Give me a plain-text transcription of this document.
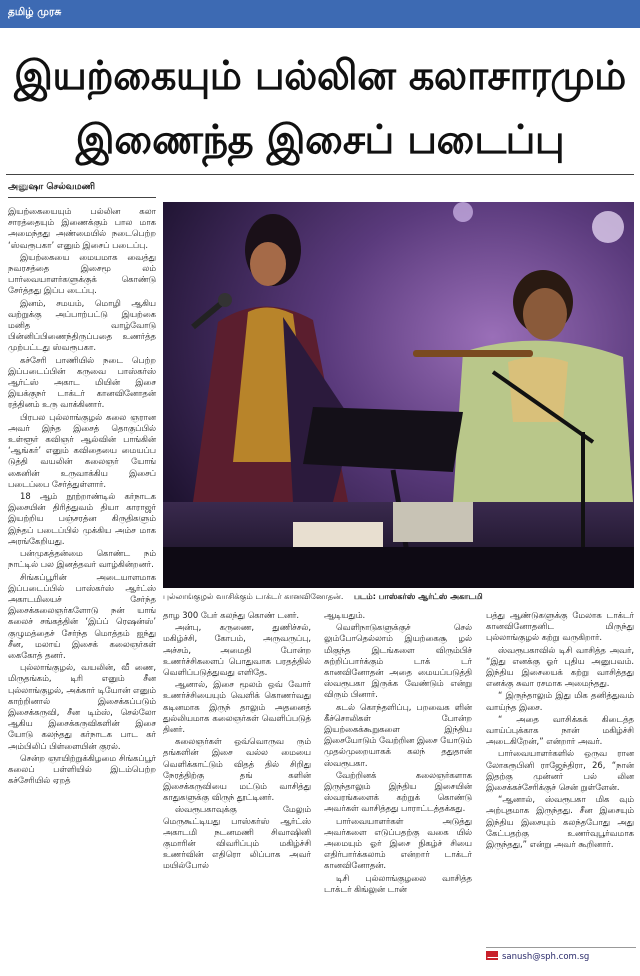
தமிழ் முரசு
இயற்கையும் பல்லின கலாசாரமும்
இணைந்த இசைப் படைப்பு
அனுஷா செல்வமணி

இயற்கையையும் பல்லின கலா சாரத்தையும் இணைக்கும் பால மாக அமைந்தது அண்மையில் நடைபெற்ற ‘ஸ்வரூபகா’ எனும் இசைப் படைப்பு.

இயற்கையை மையமாக வைத்து நவரசத்தை இசைமூ லம் பார்வையாளர்களுக்குக் கொண்டு சேர்த்தது இப்ப டைப்பு.

இனம், சமயம், மொழி ஆகிய வற்றுக்கு அப்பாற்பட்டு இயற்கை மனித வாழ்வோடு பின்னிப்பிணைந்திருப்பதை உணர்த்த முற்பட்டது ஸ்வரூபகா.

கச்சேரி பாணியில் நடை பெற்ற இப்படைப்பின் கருவை பாஸ்கர்ஸ் ஆர்ட்ஸ் அகாட மியின் இசை இயக்குநர் டாக்டர் கானவினோதன் ரத்தினம் உரு வாக்கினார்.

பிரபல புல்லாங்குழல் கலை ஞரான அவர் இந்த இசைத் தொகுப்பில் உள்ளூர் கவிஞர் ஆல்வின் பாங்கின் ‘ஆங்கர்’ எனும் கவிதையை மையப்ப டுத்தி வயலின் கலைஞர் யோங் கைனின் உருவாக்கிய இசைப் படைப்பை சேர்த்துள்ளார்.

18 ஆம் நூற்றாண்டில் கர்நாடக இசையின் திரித்துவம் தியா காராஜர் இயற்றிய பஞ்சரத்ன கிருதிகளும் இந்தப் படைப்பில் முக்கிய அம்ச மாக அரங்கேறியது.

பன்முகத்தன்மை கொண்ட நம் நாட்டில் பல இனத்தவர் வாழ்கின்றனர்.

சிங்கப்பூரின் அடையாளமாக இப்படைப்பில் பாஸ்கர்ஸ் ஆர்ட்ஸ் அகாடமியைச் சேர்ந்த இசைக்கலைஞர்களோடு நன் யாங் கலைச் சங்கத்தின் ‘இப்ப் ரெஷன்ஸ்’ குழுமத்தைச் சேர்ந்த மொத்தம் ஐந்து சீன, மலாய் இசைக் கலைஞர்கள் கைகோத் தனர்.

புல்லாங்குழல், வயலின், வீ ணை, மிருதங்கம், டிரி எனும் சீன புல்லாங்குழல், அக்கார் டியோன் எனும் காற்றினால் இசைக்கப்படும் இசைக்கருவி, சீன டிம்ஸ், செல்லோ ஆகிய இசைக்கருவிகளின் இசை யோடு கலந்தது கர்நாடக பாட கர் அம்பிலிப் பிள்ளையின் குரல்.

சென்ற ஞாயிற்றுக்கிழமை சிங்கப்பூர் கலைப் பள்ளியில் இடம்பெற்ற கச்சேரியில் ஏறத்

புல்லாங்குழல் வாசிக்கும் டாக்டர் கானவினோதன். படம்: பாஸ்கர்ஸ் ஆர்ட்ஸ் அகாடமி

தாழ 300 பேர் கலந்து கொண் டனர்.

அன்பு, கருணை, துணிச்சல், மகிழ்ச்சி, கோபம், அருவருப்பு, அச்சம், அமைதி போன்ற உணர்ச்சிகளைப் பொதுவாக பரதத்தில் வெளிப்படுத்துவது எளிதே.

ஆனால், இசை மூலம் ஒவ் வோர் உணர்ச்சியையும் வெளிக் கொணர்வது கடினமாக இருந் தாலும் அதனைத் துல்லியமாக கலைஞர்கள் வெளிப்படுத் தினர்.

கலைஞர்கள் ஒவ்வொருவ ரும் தங்களின் இசை வல்ல மையை வெளிக்காட்டும் விதத் தில் சிறிது நேரத்திற்கு தங் களின் இசைக்கருவியை மட்டும் வாசித்து காதுகளுக்கு விருந் தூட்டினர்.

ஸ்வரூபகாவுக்கு மேலும் மெருகூட்டியது பாஸ்கர்ஸ் ஆர்ட்ஸ் அகாடமி நடனமணி சிவாஷினி குமாரின் விவரிப்பும் மகிழ்ச்சி உணர்வின் எதிரொ லிப்பாக அவர் மயில்போல்

ஆடியதும்.

வெளிநாடுகளுக்குச் செல் லும்போதெல்லாம் இயற்கைசூ ழல் மிகுந்த இடங்களை விரும்பிச் சுற்றிப்பார்க்கும் டாக் டர் கானவினோதன் அதை மையப்படுத்தி ஸ்வரூபகா இருக்க வேண்டும் என்று விரும் பினார்.

கடல் கொந்தளிப்பு, பறவைக ளின் கீச்சொலிகள் போன்ற இயற்கைக்கூறுகளை இந்திய இசையோடும் வேற்றின இசை யோடும் முதல்முறையாகக் கலந் ததுதான் ஸ்வரூபகா.

வேற்றினக் கலைஞர்களாக இருந்தாலும் இந்திய இசையின் ஸ்வரங்களைக் கற்றுக் கொண்டு அவர்கள் வாசித்தது பாராட்டத்தக்கது.

பார்வையாளர்கள் அடுத்து அவர்களை எடுப்பதற்கு வகை யில் அமையும் ஓர் இசை நிகழ்ச் சியை எதிர்பார்க்கலாம் என்றார் டாக்டர் கானவினோதன்.

டிசி புல்லாங்குழலை வாசித்த டாக்டர் கிங்லுன் டான்

பத்து ஆண்டுகளுக்கு மேலாக டாக்டர் கானவினோதனிட மிருந்து புல்லாங்குழல் கற்று வருகிறார்.

ஸ்வரூபகாவில் டிசி வாசித்த அவர், “இது எனக்கு ஓர் புதிய அனுபவம். இந்திய இசையைக் கற்று வாசித்தது எனக்கு சுவா ரசமாக அமைந்தது.

“ இருந்தாலும் இது மிக தனித்துவம் வாய்ந்த இசை.

“ அதை வாசிக்கக் கிடைத்த வாய்ப்புக்காக நான் மகிழ்ச்சி அடைகிறேன்,” என்றார் அவர்.

பார்வையாளர்களில் ஒருவ ரான லோகரூபினி ராஜேந்திரா, 26, “நான் இதற்கு முன்னர் பல் லின இசைக்கச்சேரிக்குச் சென் றுள்ளேன்.

“ஆனால், ஸ்வரூபகா மிக வும் அற்புதமாக இருந்தது. சீன இசையும் இந்திய இசையும் கலந்தபோது அது கேட்பதற்கு உணர்வுபூர்வமாக இருந்தது,” என்று அவர் கூறினார்.

sanush@sph.com.sg
